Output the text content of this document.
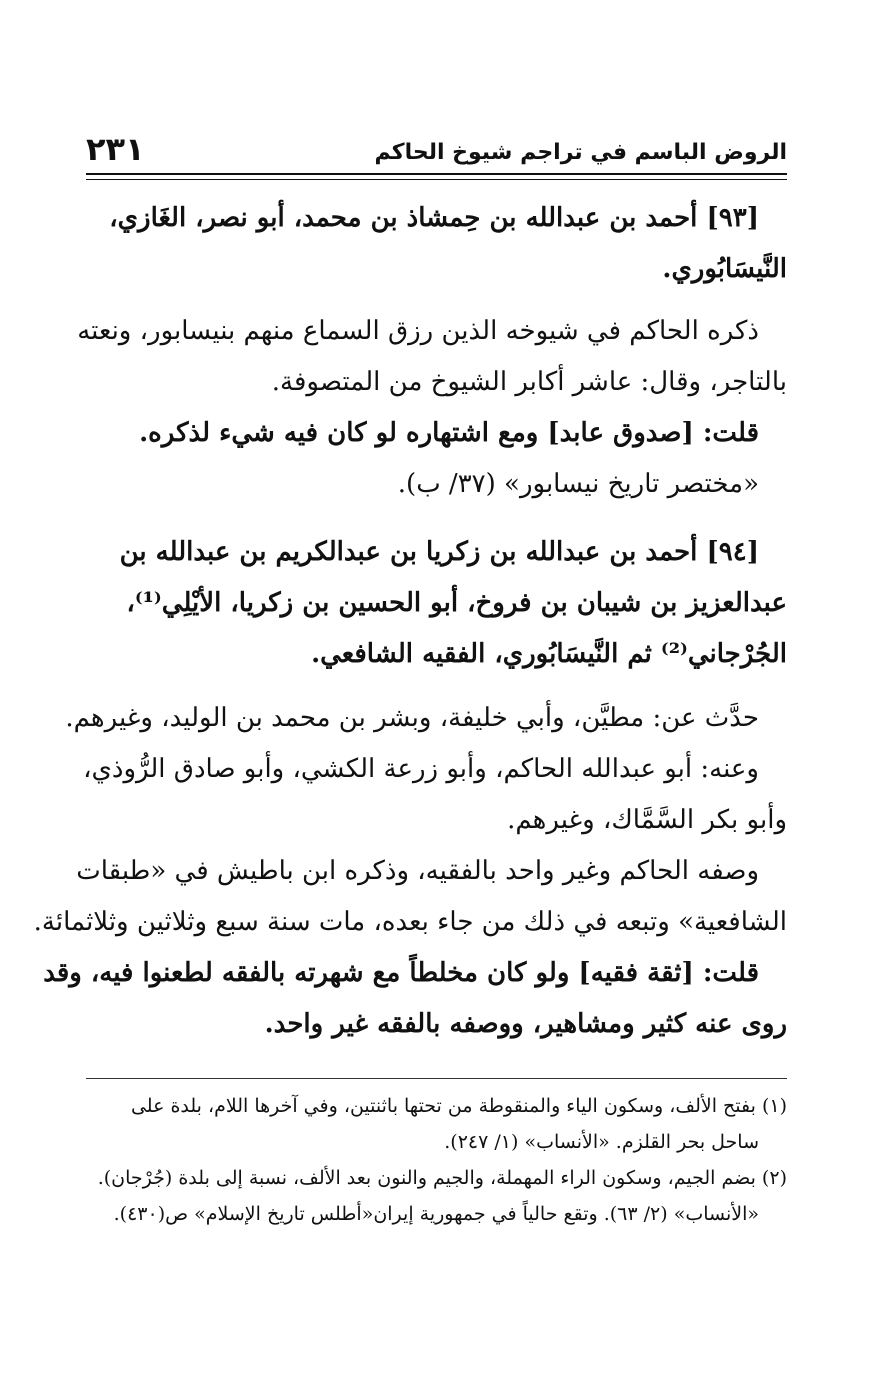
الروض الباسم في تراجم شيوخ الحاكم
٢٣١
[٩٣] أحمد بن عبدالله بن حِمشاذ بن محمد، أبو نصر، الغَازي،
النَّيسَابُوري.
ذكره الحاكم في شيوخه الذين رزق السماع منهم بنيسابور، ونعته
بالتاجر، وقال: عاشر أكابر الشيوخ من المتصوفة.
قلت: [صدوق عابد] ومع اشتهاره لو كان فيه شيء لذكره.
«مختصر تاريخ نيسابور» (٣٧/ ب).
[٩٤] أحمد بن عبدالله بن زكريا بن عبدالكريم بن عبدالله بن
عبدالعزيز بن شيبان بن فروخ، أبو الحسين بن زكريا، الأيْلِي⁽¹⁾،
الجُرْجاني⁽²⁾ ثم النَّيسَابُوري، الفقيه الشافعي.
حدَّث عن: مطيَّن، وأبي خليفة، وبشر بن محمد بن الوليد، وغيرهم.
وعنه: أبو عبدالله الحاكم، وأبو زرعة الكشي، وأبو صادق الرُّوذي،
وأبو بكر السَّمَّاك، وغيرهم.
وصفه الحاكم وغير واحد بالفقيه، وذكره ابن باطيش في «طبقات
الشافعية» وتبعه في ذلك من جاء بعده، مات سنة سبع وثلاثين وثلاثمائة.
قلت: [ثقة فقيه] ولو كان مخلطاً مع شهرته بالفقه لطعنوا فيه، وقد
روى عنه كثير ومشاهير، ووصفه بالفقه غير واحد.
(١) بفتح الألف، وسكون الياء والمنقوطة من تحتها باثنتين، وفي آخرها اللام، بلدة على
ساحل بحر القلزم. «الأنساب» (١/ ٢٤٧).
(٢) بضم الجيم، وسكون الراء المهملة، والجيم والنون بعد الألف، نسبة إلى بلدة (جُرْجان).
«الأنساب» (٢/ ٦٣). وتقع حالياً في جمهورية إيران«أطلس تاريخ الإسلام» ص(٤٣٠).
